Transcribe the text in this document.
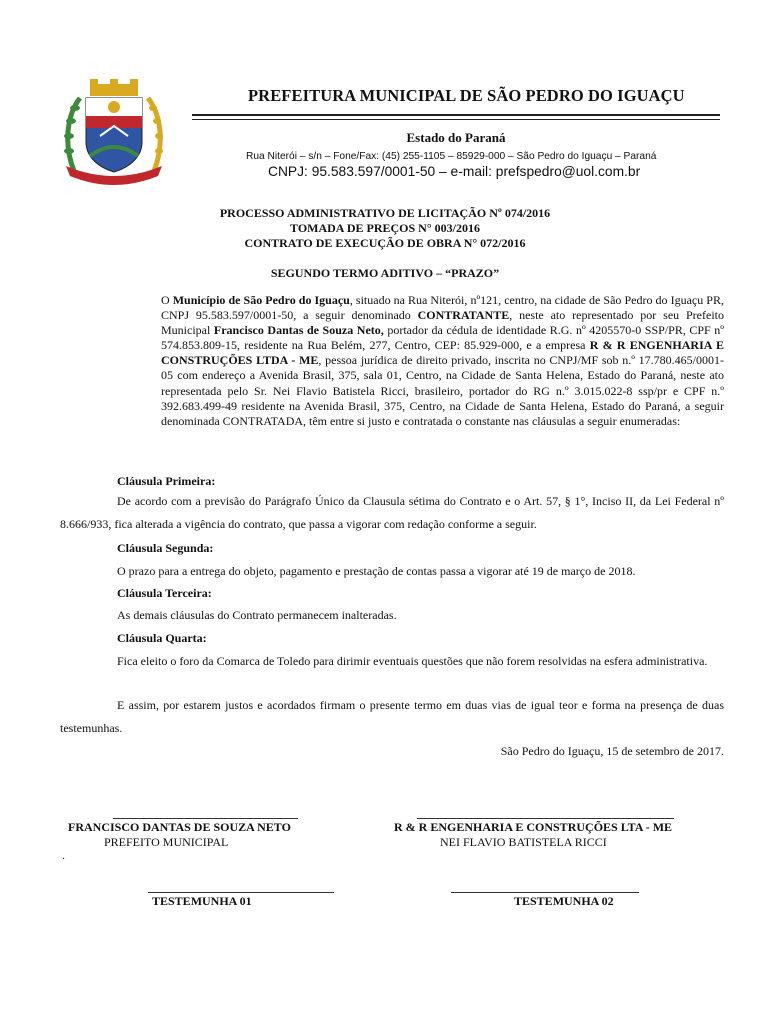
PREFEITURA MUNICIPAL DE SÃO PEDRO DO IGUAÇU
Estado do Paraná
Rua Niterói – s/n – Fone/Fax: (45) 255-1105 – 85929-000 – São Pedro do Iguaçu – Paraná
CNPJ: 95.583.597/0001-50 – e-mail: prefspedro@uol.com.br
PROCESSO ADMINISTRATIVO DE LICITAÇÃO Nº 074/2016
TOMADA DE PREÇOS N° 003/2016
CONTRATO DE EXECUÇÃO DE OBRA N° 072/2016
SEGUNDO TERMO ADITIVO – “PRAZO”
O Município de São Pedro do Iguaçu, situado na Rua Niterói, nº121, centro, na cidade de São Pedro do Iguaçu PR, CNPJ 95.583.597/0001-50, a seguir denominado CONTRATANTE, neste ato representado por seu Prefeito Municipal Francisco Dantas de Souza Neto, portador da cédula de identidade R.G. nº 4205570-0 SSP/PR, CPF nº 574.853.809-15, residente na Rua Belém, 277, Centro, CEP: 85.929-000, e a empresa R & R ENGENHARIA E CONSTRUÇÕES LTDA - ME, pessoa jurídica de direito privado, inscrita no CNPJ/MF sob n.º 17.780.465/0001-05 com endereço a Avenida Brasil, 375, sala 01, Centro, na Cidade de Santa Helena, Estado do Paraná, neste ato representada pelo Sr. Nei Flavio Batistela Ricci, brasileiro, portador do RG n.º 3.015.022-8 ssp/pr e CPF n.º 392.683.499-49 residente na Avenida Brasil, 375, Centro, na Cidade de Santa Helena, Estado do Paraná, a seguir denominada CONTRATADA, têm entre si justo e contratada o constante nas cláusulas a seguir enumeradas:
Cláusula Primeira:
De acordo com a previsão do Parágrafo Único da Clausula sétima do Contrato e o Art. 57, § 1°, Inciso II, da Lei Federal nº 8.666/933, fica alterada a vigência do contrato, que passa a vigorar com redação conforme a seguir.
Cláusula Segunda:
O prazo para a entrega do objeto, pagamento e prestação de contas passa a vigorar até 19 de março de 2018.
Cláusula Terceira:
As demais cláusulas do Contrato permanecem inalteradas.
Cláusula Quarta:
Fica eleito o foro da Comarca de Toledo para dirimir eventuais questões que não forem resolvidas na esfera administrativa.
E assim, por estarem justos e acordados firmam o presente termo em duas vias de igual teor e forma na presença de duas testemunhas.
São Pedro do Iguaçu, 15 de setembro de 2017.
FRANCISCO DANTAS DE SOUZA NETO
PREFEITO MUNICIPAL
R & R ENGENHARIA E CONSTRUÇÕES LTA - ME
NEI FLAVIO BATISTELA RICCI
.
TESTEMUNHA 01	TESTEMUNHA 02
